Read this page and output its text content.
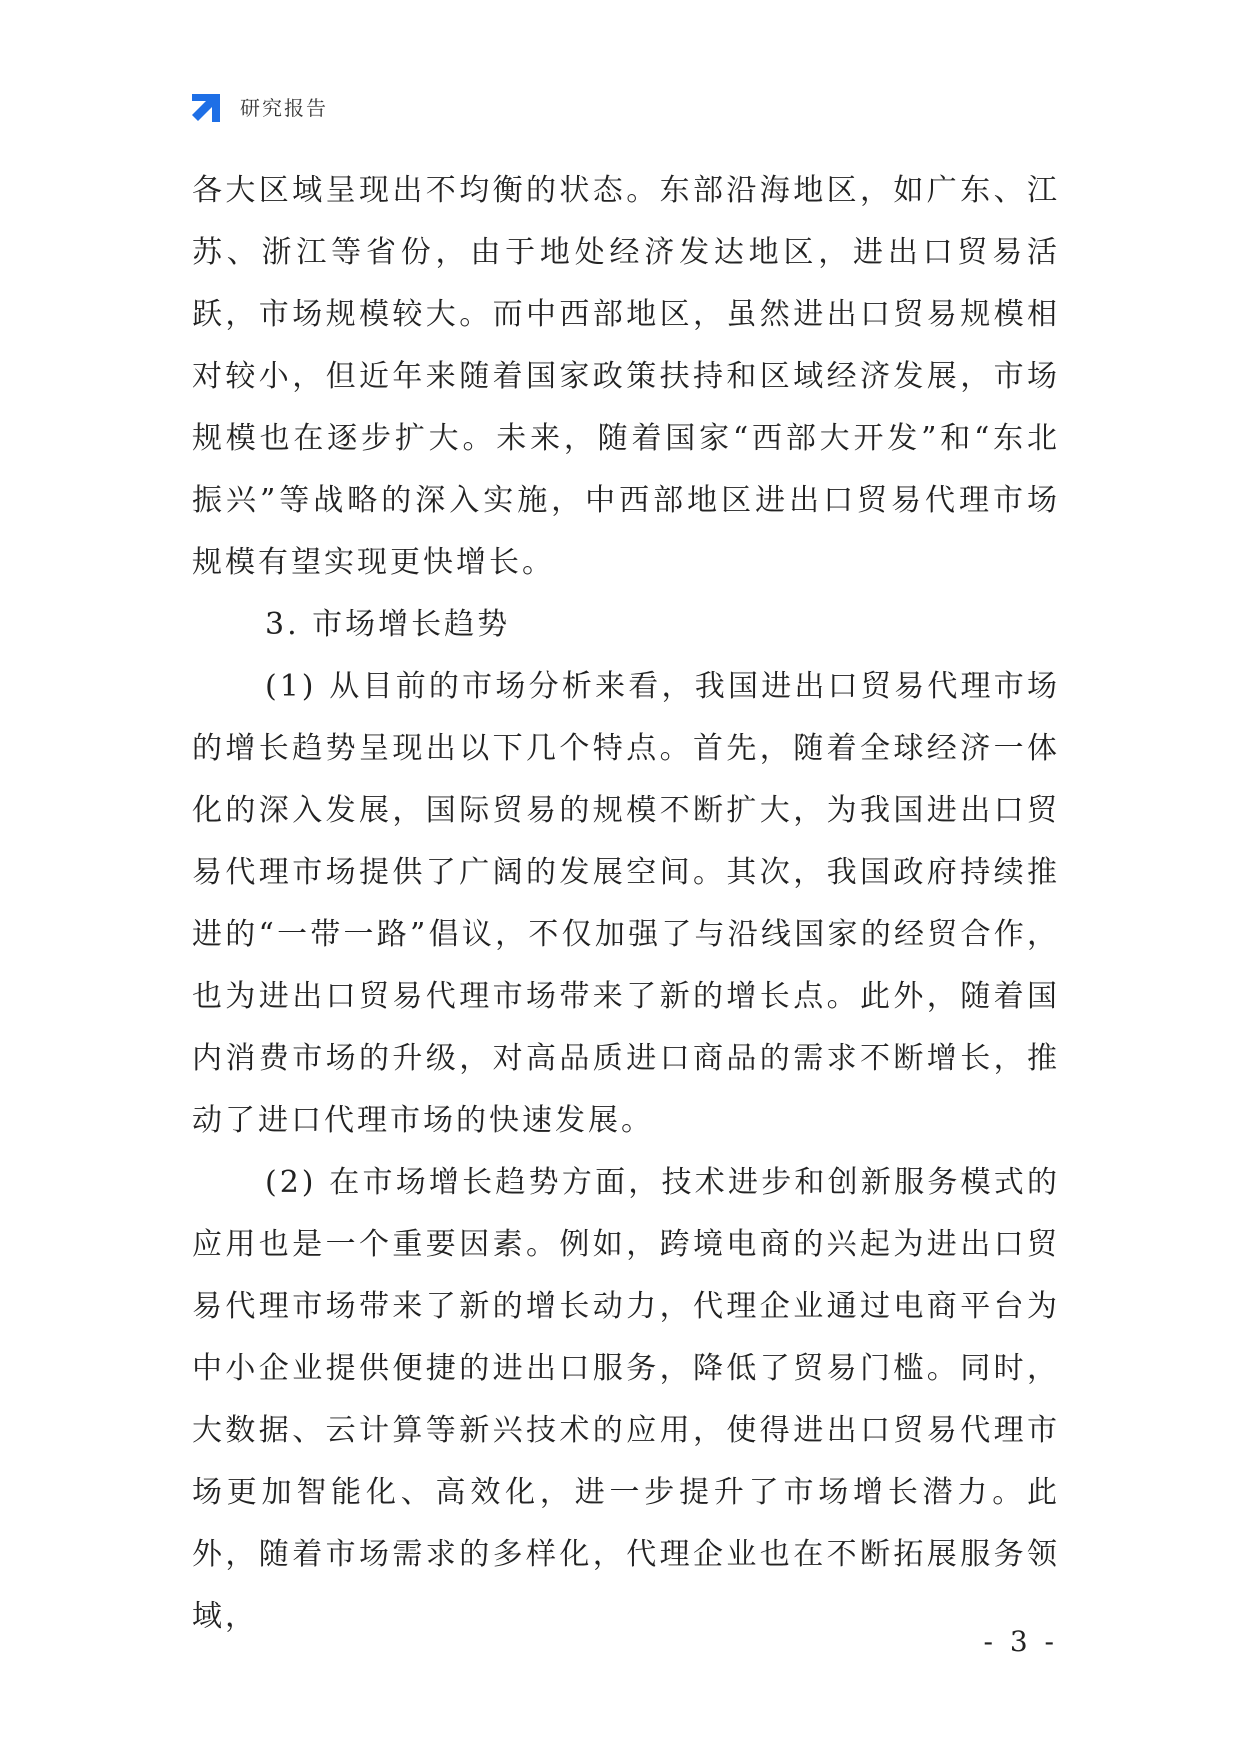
研究报告

各大区域呈现出不均衡的状态。东部沿海地区，如广东、江苏、浙江等省份，由于地处经济发达地区，进出口贸易活跃，市场规模较大。而中西部地区，虽然进出口贸易规模相对较小，但近年来随着国家政策扶持和区域经济发展，市场规模也在逐步扩大。未来，随着国家“西部大开发”和“东北振兴”等战略的深入实施，中西部地区进出口贸易代理市场规模有望实现更快增长。

3. 市场增长趋势

(1) 从目前的市场分析来看，我国进出口贸易代理市场的增长趋势呈现出以下几个特点。首先，随着全球经济一体化的深入发展，国际贸易的规模不断扩大，为我国进出口贸易代理市场提供了广阔的发展空间。其次，我国政府持续推进的“一带一路”倡议，不仅加强了与沿线国家的经贸合作，也为进出口贸易代理市场带来了新的增长点。此外，随着国内消费市场的升级，对高品质进口商品的需求不断增长，推动了进口代理市场的快速发展。

(2) 在市场增长趋势方面，技术进步和创新服务模式的应用也是一个重要因素。例如，跨境电商的兴起为进出口贸易代理市场带来了新的增长动力，代理企业通过电商平台为中小企业提供便捷的进出口服务，降低了贸易门槛。同时，大数据、云计算等新兴技术的应用，使得进出口贸易代理市场更加智能化、高效化，进一步提升了市场增长潜力。此外，随着市场需求的多样化，代理企业也在不断拓展服务领域，

- 3 -
